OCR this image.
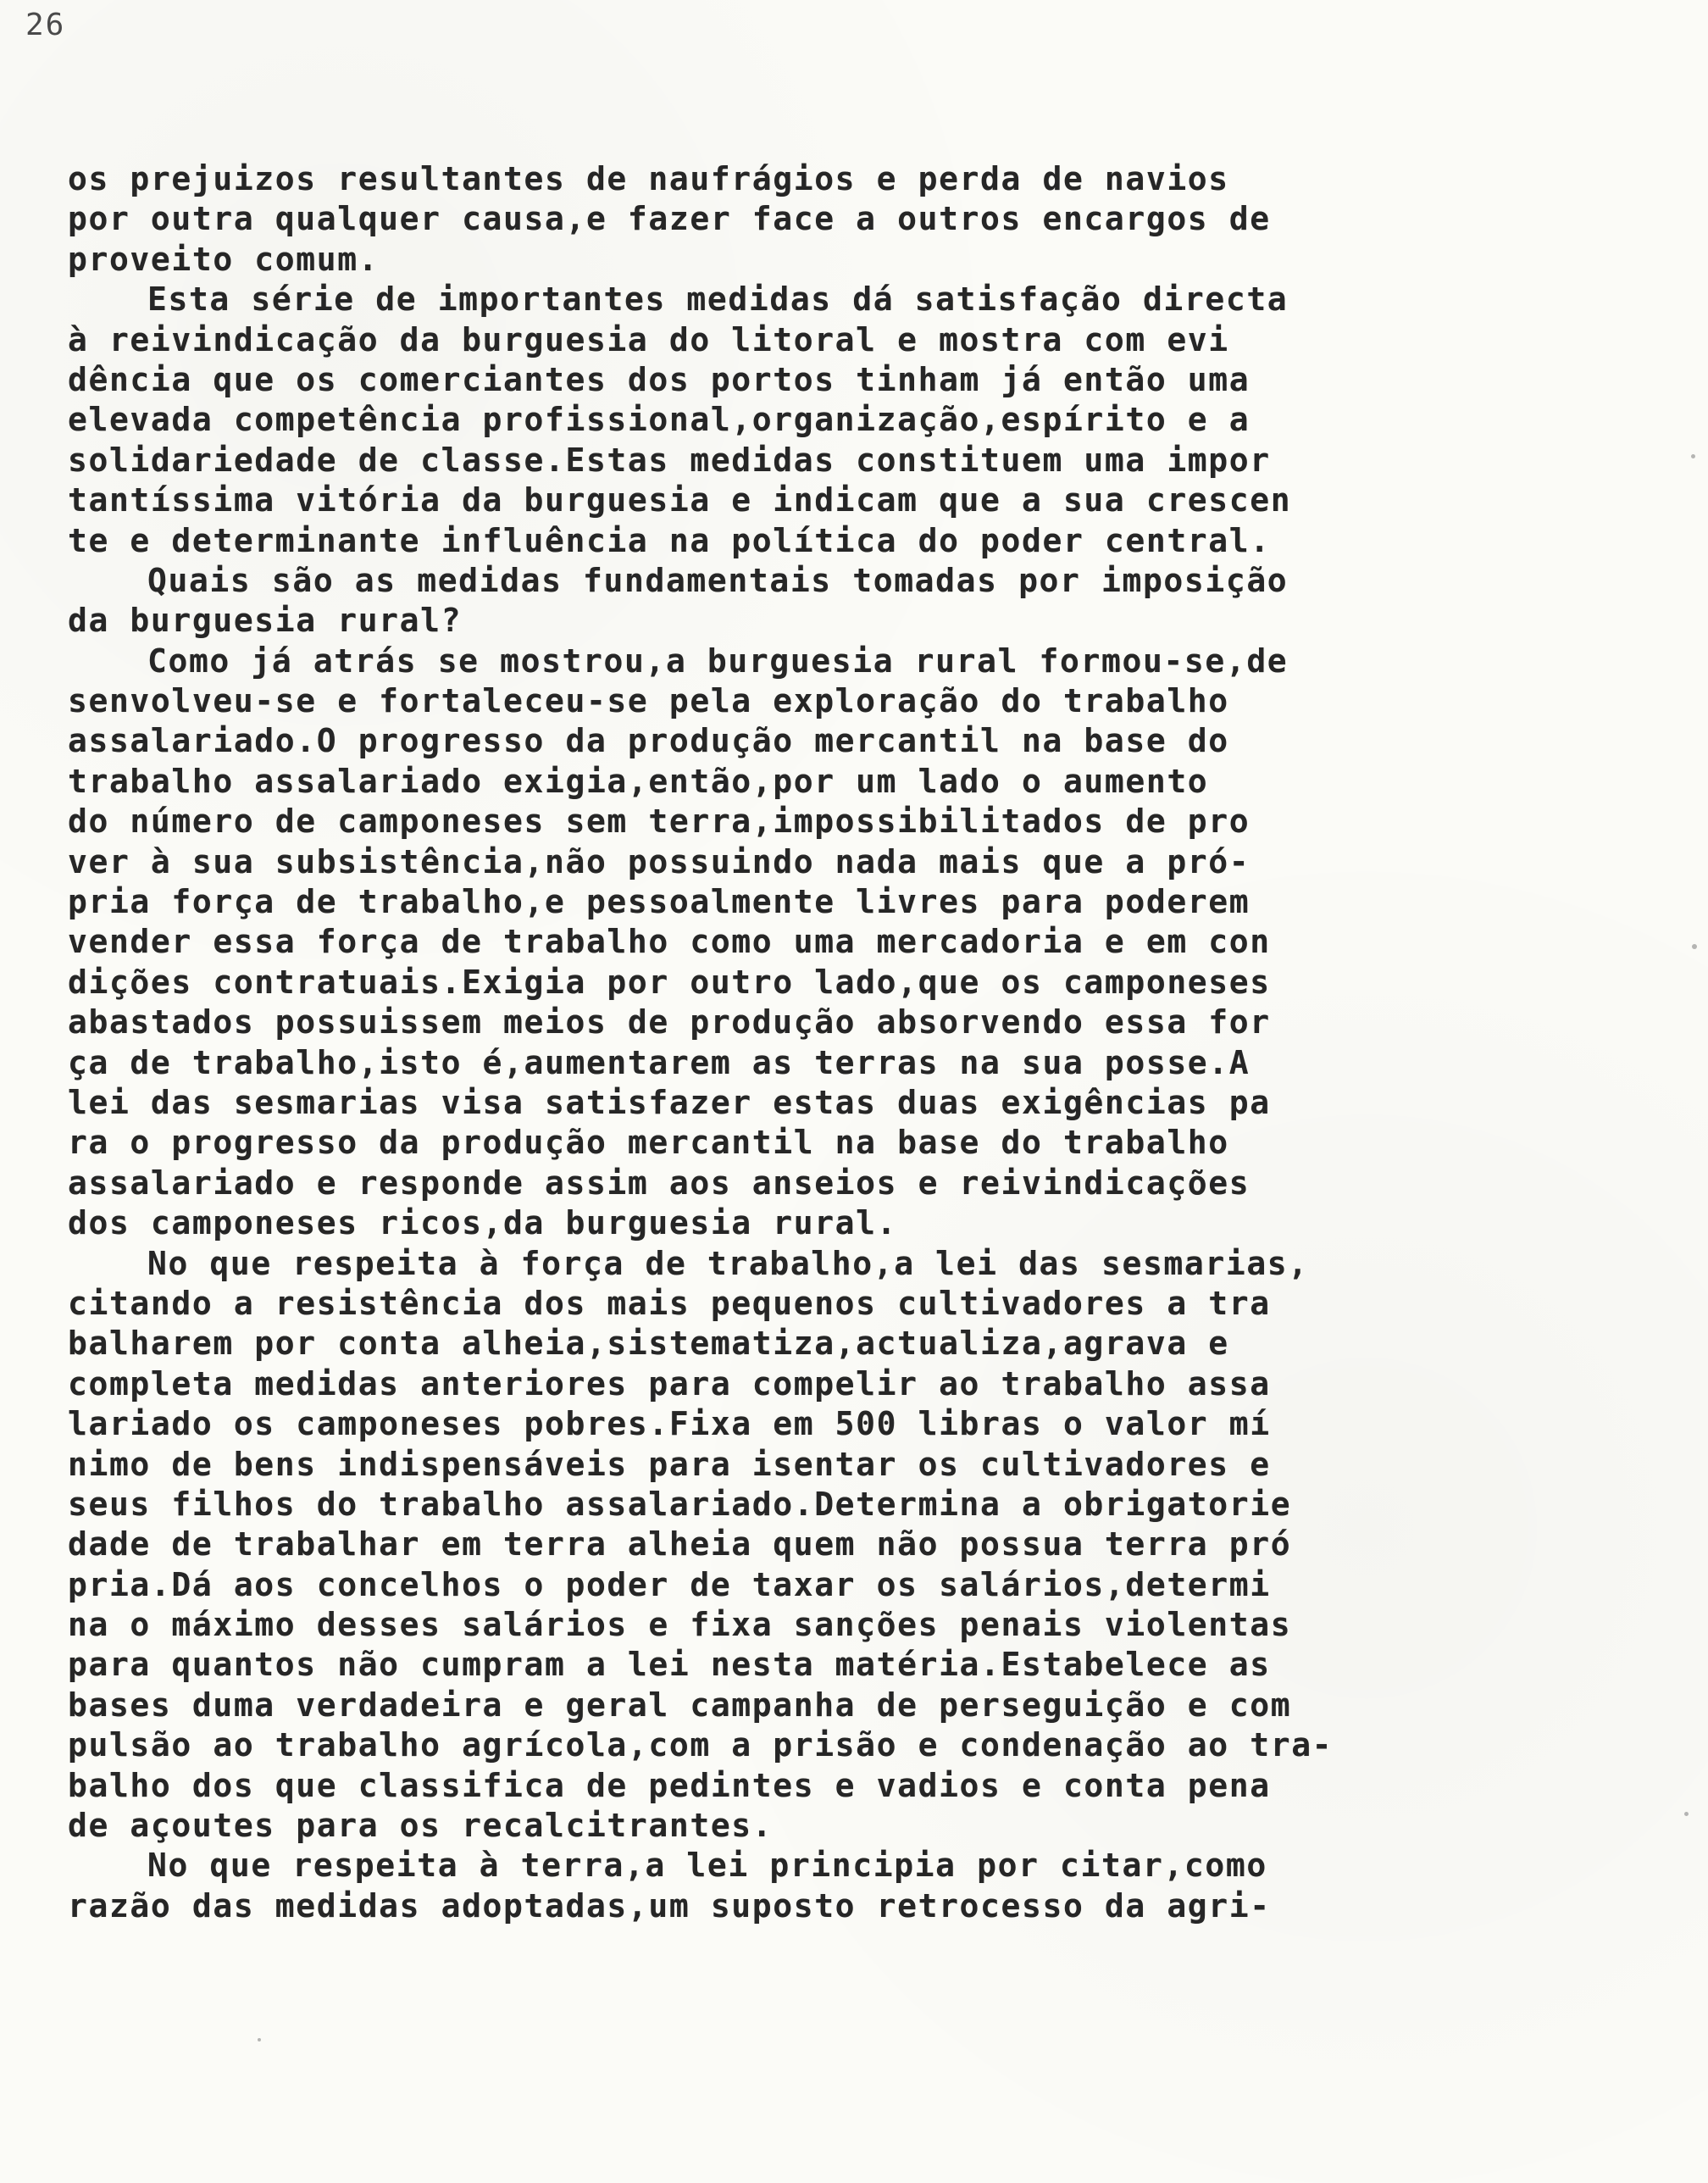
26
os prejuizos resultantes de naufrágios e perda de navios
por outra qualquer causa,e fazer face a outros encargos de
proveito comum.
Esta série de importantes medidas dá satisfação directa
à reivindicação da burguesia do litoral e mostra com evi
dência que os comerciantes dos portos tinham já então uma
elevada competência profissional,organização,espírito e a
solidariedade de classe.Estas medidas constituem uma impor
tantíssima vitória da burguesia e indicam que a sua crescen
te e determinante influência na política do poder central.
Quais são as medidas fundamentais tomadas por imposição
da burguesia rural?
Como já atrás se mostrou,a burguesia rural formou-se,de
senvolveu-se e fortaleceu-se pela exploração do trabalho
assalariado.O progresso da produção mercantil na base do
trabalho assalariado exigia,então,por um lado o aumento
do número de camponeses sem terra,impossibilitados de pro
ver à sua subsistência,não possuindo nada mais que a pró-
pria força de trabalho,e pessoalmente livres para poderem
vender essa força de trabalho como uma mercadoria e em con
dições contratuais.Exigia por outro lado,que os camponeses
abastados possuissem meios de produção absorvendo essa for
ça de trabalho,isto é,aumentarem as terras na sua posse.A
lei das sesmarias visa satisfazer estas duas exigências pa
ra o progresso da produção mercantil na base do trabalho
assalariado e responde assim aos anseios e reivindicações
dos camponeses ricos,da burguesia rural.
No que respeita à força de trabalho,a lei das sesmarias,
citando a resistência dos mais pequenos cultivadores a tra
balharem por conta alheia,sistematiza,actualiza,agrava e
completa medidas anteriores para compelir ao trabalho assa
lariado os camponeses pobres.Fixa em 500 libras o valor mí
nimo de bens indispensáveis para isentar os cultivadores e
seus filhos do trabalho assalariado.Determina a obrigatorie
dade de trabalhar em terra alheia quem não possua terra pró
pria.Dá aos concelhos o poder de taxar os salários,determi
na o máximo desses salários e fixa sanções penais violentas
para quantos não cumpram a lei nesta matéria.Estabelece as
bases duma verdadeira e geral campanha de perseguição e com
pulsão ao trabalho agrícola,com a prisão e condenação ao tra-
balho dos que classifica de pedintes e vadios e conta pena
de açoutes para os recalcitrantes.
No que respeita à terra,a lei principia por citar,como
razão das medidas adoptadas,um suposto retrocesso da agri-
